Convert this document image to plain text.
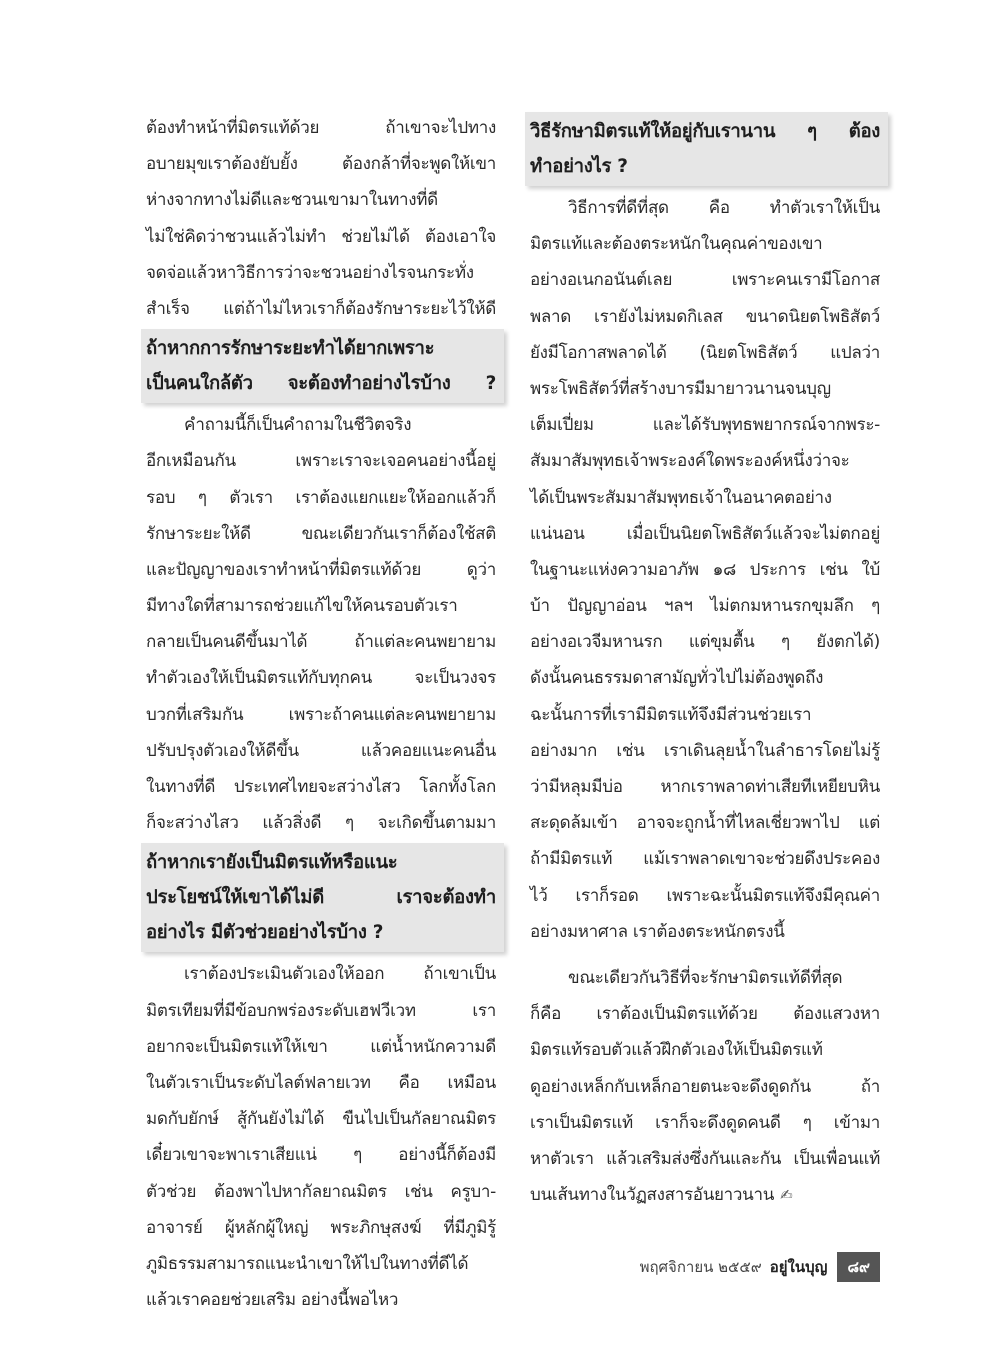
ต้องทำหน้าที่มิตรแท้ด้วย ถ้าเขาจะไปทาง
อบายมุขเราต้องยับยั้ง ต้องกล้าที่จะพูดให้เขา
ห่างจากทางไม่ดีและชวนเขามาในทางที่ดี
ไม่ใช่คิดว่าชวนแล้วไม่ทำ ช่วยไม่ได้ ต้องเอาใจ
จดจ่อแล้วหาวิธีการว่าจะชวนอย่างไรจนกระทั่ง
สำเร็จ แต่ถ้าไม่ไหวเราก็ต้องรักษาระยะไว้ให้ดี
ถ้าหากการรักษาระยะทำได้ยากเพราะ
เป็นคนใกล้ตัว จะต้องทำอย่างไรบ้าง ?
คำถามนี้ก็เป็นคำถามในชีวิตจริง
อีกเหมือนกัน เพราะเราจะเจอคนอย่างนี้อยู่
รอบ ๆ ตัวเรา เราต้องแยกแยะให้ออกแล้วก็
รักษาระยะให้ดี ขณะเดียวกันเราก็ต้องใช้สติ
และปัญญาของเราทำหน้าที่มิตรแท้ด้วย ดูว่า
มีทางใดที่สามารถช่วยแก้ไขให้คนรอบตัวเรา
กลายเป็นคนดีขึ้นมาได้ ถ้าแต่ละคนพยายาม
ทำตัวเองให้เป็นมิตรแท้กับทุกคน จะเป็นวงจร
บวกที่เสริมกัน เพราะถ้าคนแต่ละคนพยายาม
ปรับปรุงตัวเองให้ดีขึ้น แล้วคอยแนะคนอื่น
ในทางที่ดี ประเทศไทยจะสว่างไสว โลกทั้งโลก
ก็จะสว่างไสว แล้วสิ่งดี ๆ จะเกิดขึ้นตามมา
ถ้าหากเรายังเป็นมิตรแท้หรือแนะ
ประโยชน์ให้เขาได้ไม่ดี เราจะต้องทำ
อย่างไร มีตัวช่วยอย่างไรบ้าง ?
เราต้องประเมินตัวเองให้ออก ถ้าเขาเป็น
มิตรเทียมที่มีข้อบกพร่องระดับเฮฟวีเวท เรา
อยากจะเป็นมิตรแท้ให้เขา แต่น้ำหนักความดี
ในตัวเราเป็นระดับไลต์ฟลายเวท คือ เหมือน
มดกับยักษ์ สู้กันยังไม่ได้ ขืนไปเป็นกัลยาณมิตร
เดี๋ยวเขาจะพาเราเสียแน่ ๆ อย่างนี้ก็ต้องมี
ตัวช่วย ต้องพาไปหากัลยาณมิตร เช่น ครูบา-
อาจารย์ ผู้หลักผู้ใหญ่ พระภิกษุสงฆ์ ที่มีภูมิรู้
ภูมิธรรมสามารถแนะนำเขาให้ไปในทางที่ดีได้
แล้วเราคอยช่วยเสริม อย่างนี้พอไหว
วิธีรักษามิตรแท้ให้อยู่กับเรานาน ๆ ต้อง
ทำอย่างไร ?
วิธีการที่ดีที่สุด คือ ทำตัวเราให้เป็น
มิตรแท้และต้องตระหนักในคุณค่าของเขา
อย่างอเนกอนันต์เลย เพราะคนเรามีโอกาส
พลาด เรายังไม่หมดกิเลส ขนาดนิยตโพธิสัตว์
ยังมีโอกาสพลาดได้ (นิยตโพธิสัตว์ แปลว่า
พระโพธิสัตว์ที่สร้างบารมีมายาวนานจนบุญ
เต็มเปี่ยม และได้รับพุทธพยากรณ์จากพระ-
สัมมาสัมพุทธเจ้าพระองค์ใดพระองค์หนึ่งว่าจะ
ได้เป็นพระสัมมาสัมพุทธเจ้าในอนาคตอย่าง
แน่นอน เมื่อเป็นนิยตโพธิสัตว์แล้วจะไม่ตกอยู่
ในฐานะแห่งความอาภัพ ๑๘ ประการ เช่น ใบ้
บ้า ปัญญาอ่อน ฯลฯ ไม่ตกมหานรกขุมลึก ๆ
อย่างอเวจีมหานรก แต่ขุมตื้น ๆ ยังตกได้)
ดังนั้นคนธรรมดาสามัญทั่วไปไม่ต้องพูดถึง
ฉะนั้นการที่เรามีมิตรแท้จึงมีส่วนช่วยเรา
อย่างมาก เช่น เราเดินลุยน้ำในลำธารโดยไม่รู้
ว่ามีหลุมมีบ่อ หากเราพลาดท่าเสียทีเหยียบหิน
สะดุดล้มเข้า อาจจะถูกน้ำที่ไหลเชี่ยวพาไป แต่
ถ้ามีมิตรแท้ แม้เราพลาดเขาจะช่วยดึงประคอง
ไว้ เราก็รอด เพราะฉะนั้นมิตรแท้จึงมีคุณค่า
อย่างมหาศาล เราต้องตระหนักตรงนี้
ขณะเดียวกันวิธีที่จะรักษามิตรแท้ดีที่สุด
ก็คือ เราต้องเป็นมิตรแท้ด้วย ต้องแสวงหา
มิตรแท้รอบตัวแล้วฝึกตัวเองให้เป็นมิตรแท้
ดูอย่างเหล็กกับเหล็กอายตนะจะดึงดูดกัน ถ้า
เราเป็นมิตรแท้ เราก็จะดึงดูดคนดี ๆ เข้ามา
หาตัวเรา แล้วเสริมส่งซึ่งกันและกัน เป็นเพื่อนแท้
บนเส้นทางในวัฏสงสารอันยาวนาน ✍
พฤศจิกายน ๒๕๕๙ อยู่ในบุญ	๘๙
